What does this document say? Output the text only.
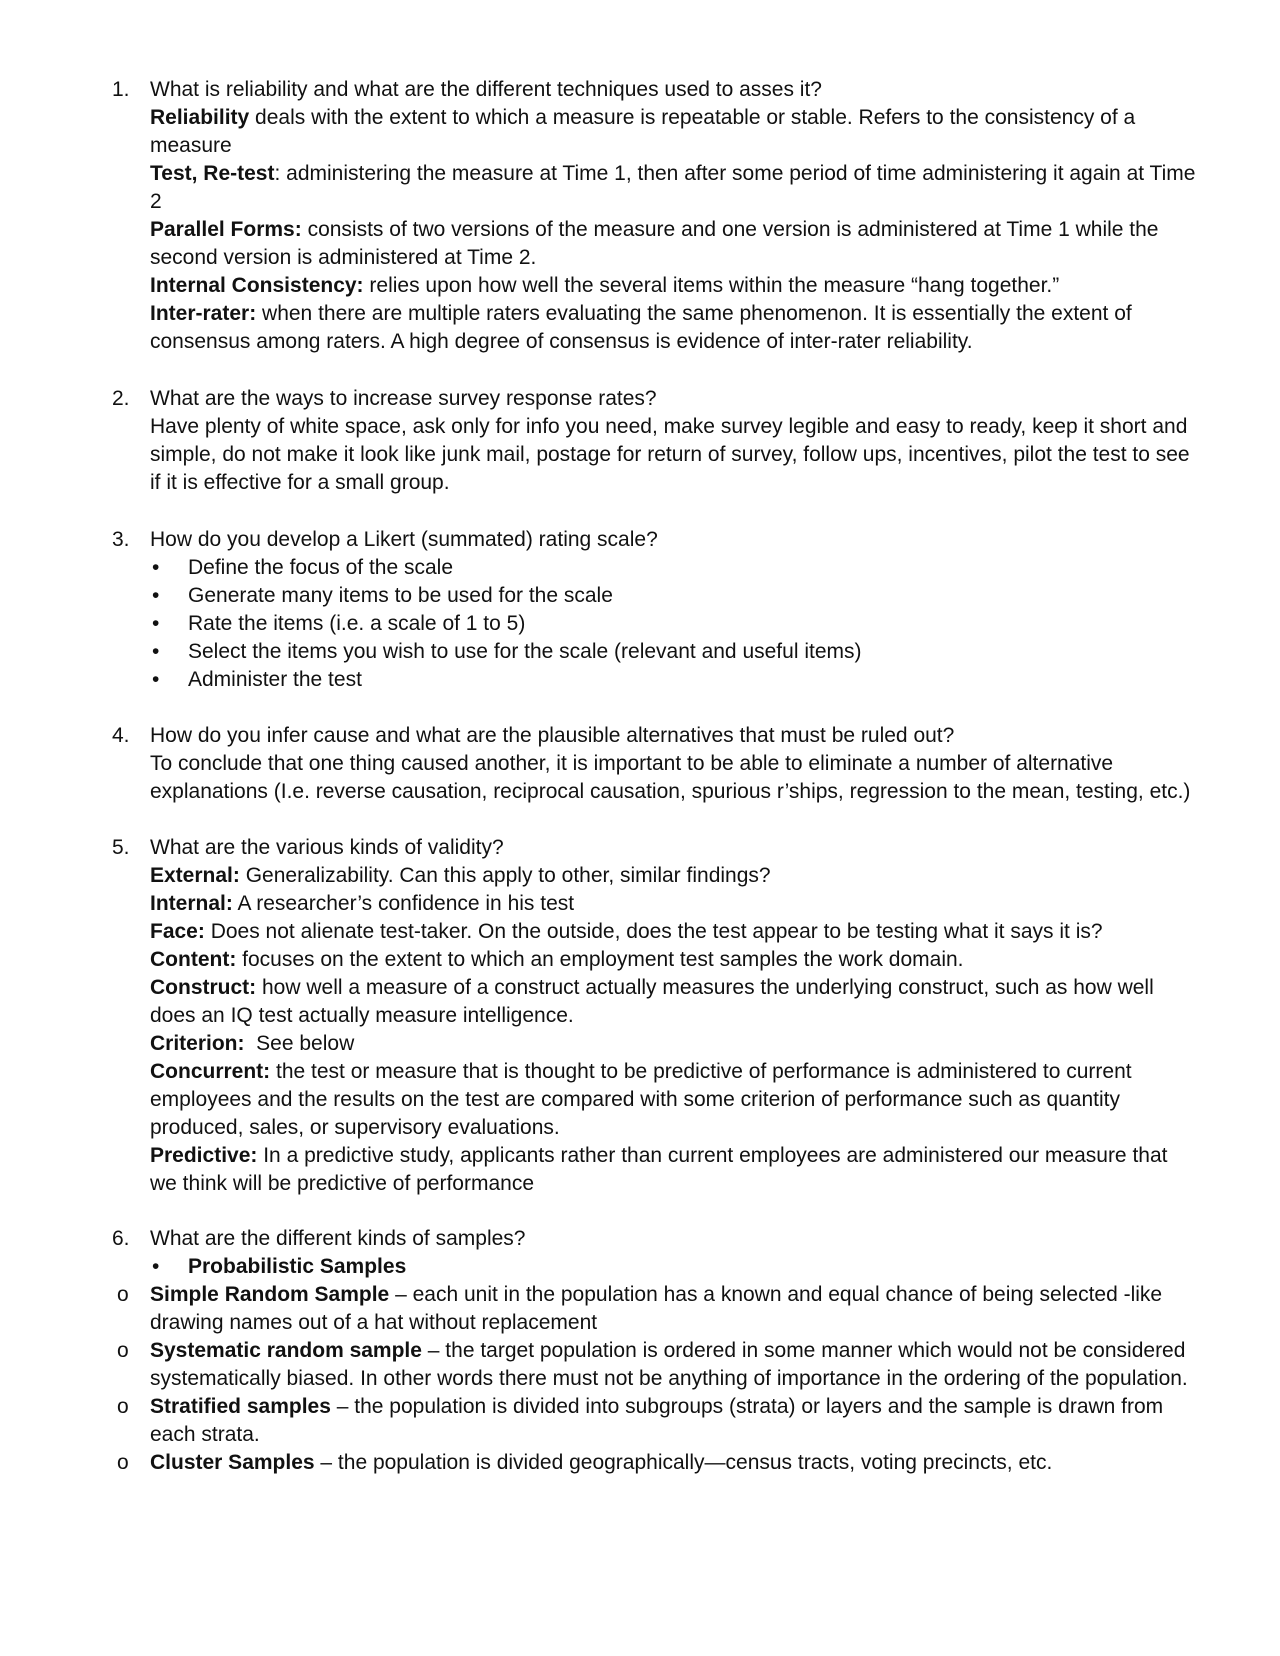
1. What is reliability and what are the different techniques used to asses it?

Reliability deals with the extent to which a measure is repeatable or stable. Refers to the consistency of a measure

Test, Re-test: administering the measure at Time 1, then after some period of time administering it again at Time 2

Parallel Forms: consists of two versions of the measure and one version is administered at Time 1 while the second version is administered at Time 2.

Internal Consistency: relies upon how well the several items within the measure “hang together.”

Inter-rater: when there are multiple raters evaluating the same phenomenon. It is essentially the extent of consensus among raters. A high degree of consensus is evidence of inter-rater reliability.

2. What are the ways to increase survey response rates?

Have plenty of white space, ask only for info you need, make survey legible and easy to ready, keep it short and simple, do not make it look like junk mail, postage for return of survey, follow ups, incentives, pilot the test to see if it is effective for a small group.

3. How do you develop a Likert (summated) rating scale?

• Define the focus of the scale

• Generate many items to be used for the scale

• Rate the items (i.e. a scale of 1 to 5)

• Select the items you wish to use for the scale (relevant and useful items)

• Administer the test

4. How do you infer cause and what are the plausible alternatives that must be ruled out?

To conclude that one thing caused another, it is important to be able to eliminate a number of alternative explanations (I.e. reverse causation, reciprocal causation, spurious r’ships, regression to the mean, testing, etc.)

5. What are the various kinds of validity?

External: Generalizability. Can this apply to other, similar findings?

Internal: A researcher’s confidence in his test

Face: Does not alienate test-taker. On the outside, does the test appear to be testing what it says it is?

Content: focuses on the extent to which an employment test samples the work domain.

Construct: how well a measure of a construct actually measures the underlying construct, such as how well does an IQ test actually measure intelligence.

Criterion:  See below

Concurrent: the test or measure that is thought to be predictive of performance is administered to current employees and the results on the test are compared with some criterion of performance such as quantity produced, sales, or supervisory evaluations.

Predictive: In a predictive study, applicants rather than current employees are administered our measure that we think will be predictive of performance

6. What are the different kinds of samples?

• Probabilistic Samples

o Simple Random Sample – each unit in the population has a known and equal chance of being selected -like drawing names out of a hat without replacement

o Systematic random sample – the target population is ordered in some manner which would not be considered systematically biased. In other words there must not be anything of importance in the ordering of the population.

o Stratified samples – the population is divided into subgroups (strata) or layers and the sample is drawn from each strata.

o Cluster Samples – the population is divided geographically—census tracts, voting precincts, etc.
